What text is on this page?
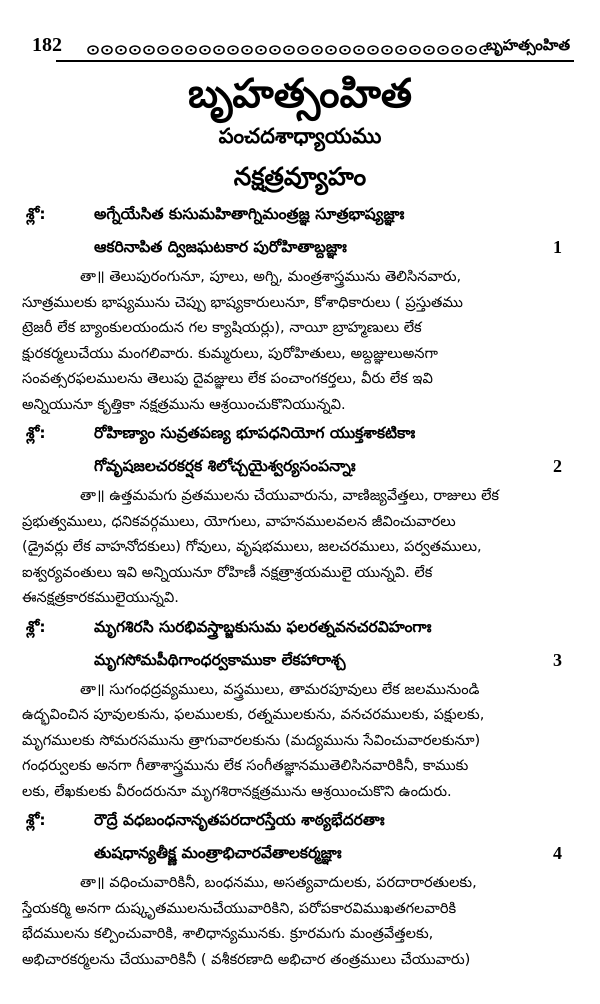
182	బృహత్సంహిత
బృహత్సంహిత
పంచదశాధ్యాయము
నక్షత్రవ్యూహం
శ్లో:	అగ్నేయేసిత కుసుమహితాగ్నిమంత్రజ్ఞ సూత్రభాష్యజ్ఞాః
ఆకరినాపిత ద్విజఘటకార పురోహితాబ్దజ్ఞాః	1
తా॥ తెలుపురంగునూ, పూలు, అగ్ని, మంత్రశాస్త్రమును తెలిసినవారు,
సూత్రములకు భాష్యమును చెప్పు భాష్యకారులునూ, కోశాధికారులు ( ప్రస్తుతము
ట్రెజరీ లేక బ్యాంకులయందున గల క్యాషియర్లు), నాయీ బ్రాహ్మణులు లేక
క్షురకర్మలుచేయు మంగలివారు. కుమ్మరులు, పురోహితులు, అబ్దజ్ఞులుఅనగా
సంవత్సరఫలములను తెలుపు దైవజ్ఞులు లేక పంచాంగకర్తలు, వీరు లేక ఇవి
అన్నియునూ కృత్తికా నక్షత్రమును ఆశ్రయించుకొనియున్నవి.
శ్లో:	రోహిణ్యాం సువ్రతపణ్య భూపధనియోగ యుక్తశాకటికాః
గోవృషజలచరకర్షక శిలోచ్చయైశ్వర్యసంపన్నాః	2
తా॥ ఉత్తమమగు వ్రతములను చేయువారును, వాణిజ్యవేత్తలు, రాజులు లేక
ప్రభుత్వములు, ధనికవర్గములు, యోగులు, వాహనములవలన జీవించువారలు
(డ్రైవర్లు లేక వాహనోదకులు) గోవులు, వృషభములు, జలచరములు, పర్వతములు,
ఐశ్వర్యవంతులు ఇవి అన్నియునూ రోహిణీ నక్షత్రాశ్రయములై యున్నవి. లేక
ఈనక్షత్రకారకములైయున్నవి.
శ్లో:	మృగశిరసి సురభివస్త్రాబ్జకుసుమ ఫలరత్నవనచరవిహంగాః
మృగసోమపీథిగాంధర్వకాముకా లేకహారాశ్చ	3
తా॥ సుగంధద్రవ్యములు, వస్త్రములు, తామరపూవులు లేక జలమునుండి
ఉద్భవించిన పూవులకును, ఫలములకు, రత్నములకును, వనచరములకు, పక్షులకు,
మృగములకు సోమరసమును త్రాగువారలకును (మద్యమును సేవించువారలకునూ)
గంధర్వులకు అనగా గీతాశాస్త్రమును లేక సంగీతజ్ఞానముతెలిసినవారికినీ, కాముకు
లకు, లేఖకులకు వీరందరునూ మృగశిరానక్షత్రమును ఆశ్రయించుకొని ఉందురు.
శ్లో:	రౌద్రే వధబంధనానృతపరదారస్తేయ శాఠ్యభేదరతాః
తుషధాన్యతీక్ష్ణ మంత్రాభిచారవేతాలకర్మజ్ఞాః	4
తా॥ వధించువారికినీ, బంధనము, అసత్యవాదులకు, పరదారారతులకు,
స్తేయకర్మి అనగా దుష్కృతములనుచేయువారికిని, పరోపకారవిముఖతగలవారికి
భేదములను కల్పించువారికి, శాలిధాన్యమునకు. క్రూరమగు మంత్రవేత్తలకు,
అభిచారకర్మలను చేయువారికినీ ( వశీకరణాది అభిచార తంత్రములు చేయువారు)
